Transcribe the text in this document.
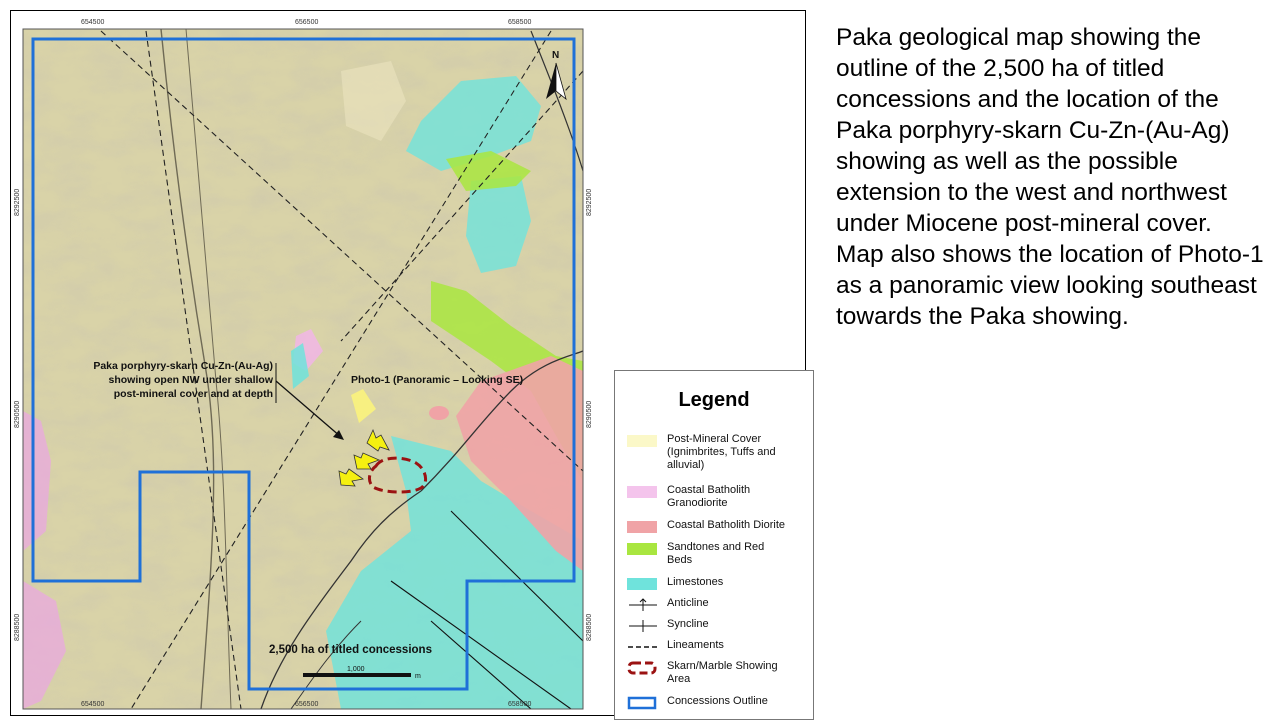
654500	656500	658500
654500	656500	658500
8292500
8290500
8288500
8292500
8290500
8288500
N
Paka porphyry-skarn Cu-Zn-(Au-Ag)
showing open NW under shallow
post-mineral cover and at depth
Photo-1 (Panoramic – Looking SE)
2,500 ha of titled concessions
1,000
m
Legend
Post-Mineral Cover
(Ignimbrites, Tuffs and
alluvial)
Coastal Batholith
Granodiorite
Coastal Batholith Diorite
Sandtones and Red
Beds
Limestones
Anticline
Syncline
Lineaments
Skarn/Marble Showing
Area
Concessions Outline
Paka geological map showing the outline of the 2,500 ha of titled concessions and the location of the Paka porphyry-skarn Cu-Zn-(Au-Ag) showing as well as the possible extension to the west and northwest under Miocene post-mineral cover. Map also shows the location of Photo-1 as a panoramic view looking southeast towards the Paka showing.
